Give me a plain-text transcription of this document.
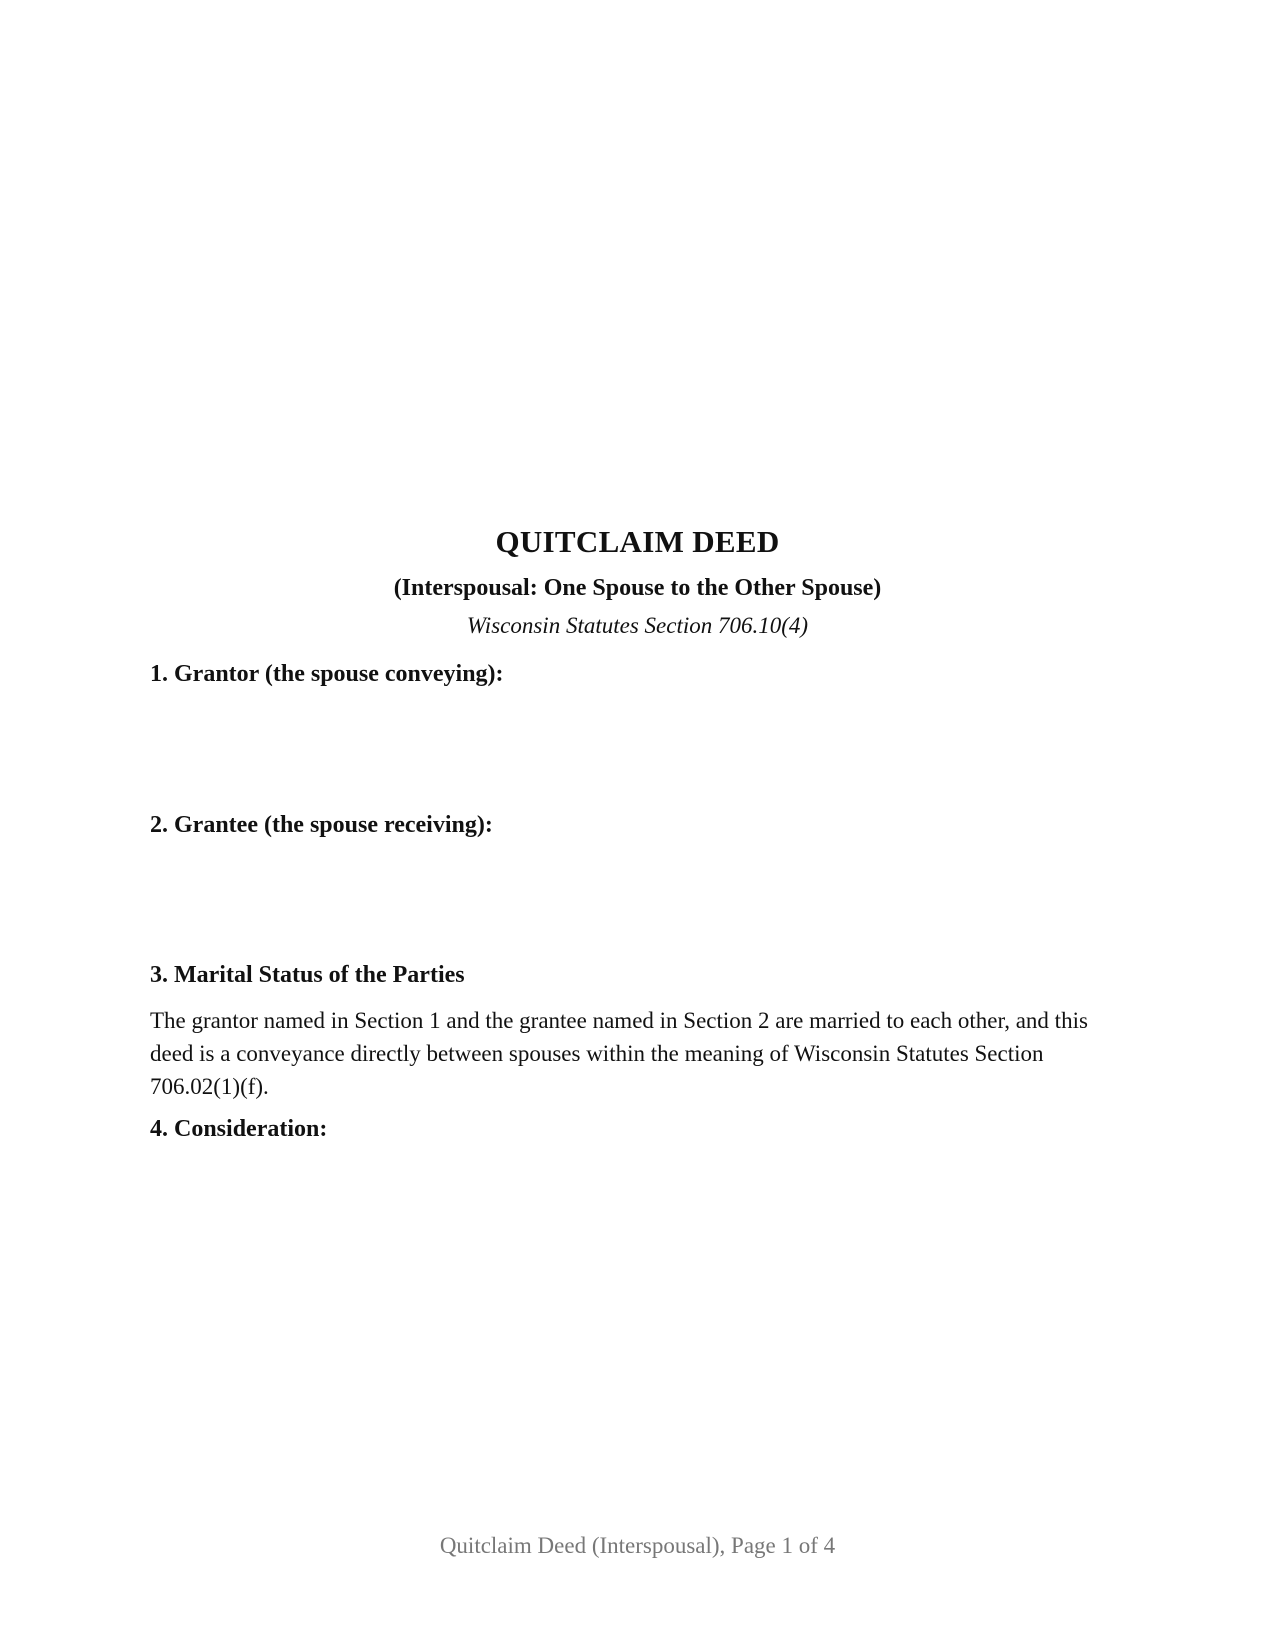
QUITCLAIM DEED
(Interspousal: One Spouse to the Other Spouse)
Wisconsin Statutes Section 706.10(4)
1. Grantor (the spouse conveying):
2. Grantee (the spouse receiving):
3. Marital Status of the Parties
The grantor named in Section 1 and the grantee named in Section 2 are married to each other, and this deed is a conveyance directly between spouses within the meaning of Wisconsin Statutes Section 706.02(1)(f).
4. Consideration:
Quitclaim Deed (Interspousal), Page 1 of 4
